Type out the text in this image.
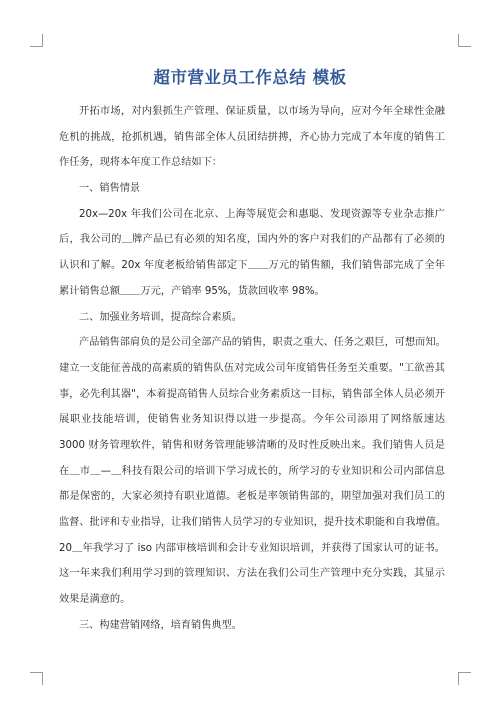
超市营业员工作总结 模板
开拓市场，对内狠抓生产管理、保证质量，以市场为导向，应对今年全球性金融
危机的挑战，抢抓机遇，销售部全体人员团结拼搏，齐心协力完成了本年度的销售工
作任务，现将本年度工作总结如下：
一、销售情景
20x—20x 年我们公司在北京、上海等展览会和惠聪、发现资源等专业杂志推广
后，我公司的＿牌产品已有必须的知名度，国内外的客户对我们的产品都有了必须的
认识和了解。20x 年度老板给销售部定下＿＿万元的销售额，我们销售部完成了全年
累计销售总额＿＿万元，产销率 95%，货款回收率 98%。
二、加强业务培训，提高综合素质。
产品销售部肩负的是公司全部产品的销售，职责之重大、任务之艰巨，可想而知。
建立一支能征善战的高素质的销售队伍对完成公司年度销售任务至关重要。"工欲善其
事，必先利其器"，本着提高销售人员综合业务素质这一目标，销售部全体人员必须开
展职业技能培训，使销售业务知识得以进一步提高。今年公司添用了网络版速达
3000 财务管理软件，销售和财务管理能够清晰的及时性反映出来。我们销售人员是
在＿市＿—＿科技有限公司的培训下学习成长的，所学习的专业知识和公司内部信息
都是保密的，大家必须持有职业道德。老板是率领销售部的，期望加强对我们员工的
监督、批评和专业指导，让我们销售人员学习的专业知识，提升技术职能和自我增值。
20＿年我学习了 iso 内部审核培训和会计专业知识培训，并获得了国家认可的证书。
这一年来我们利用学习到的管理知识、方法在我们公司生产管理中充分实践，其显示
效果是满意的。
三、构建营销网络，培育销售典型。
